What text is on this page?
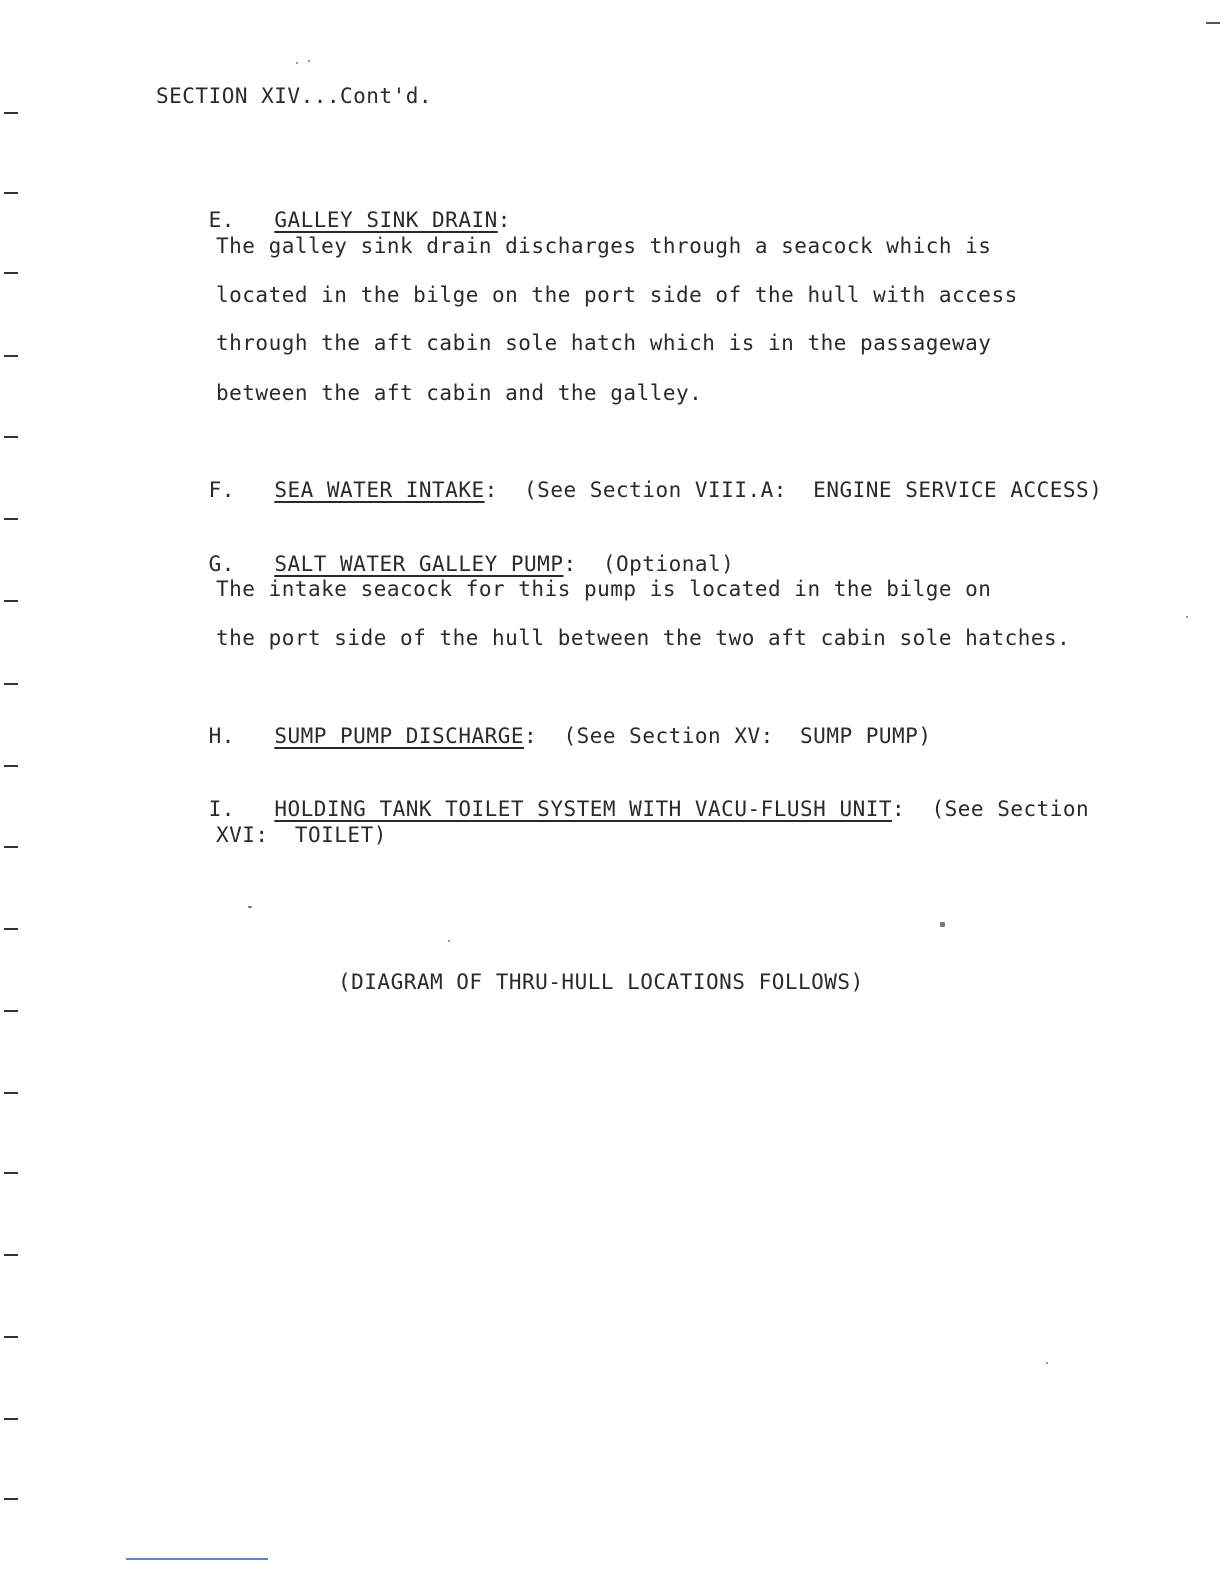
SECTION XIV...Cont'd.

E. GALLEY SINK DRAIN:

The galley sink drain discharges through a seacock which is
located in the bilge on the port side of the hull with access
through the aft cabin sole hatch which is in the passageway
between the aft cabin and the galley.

F. SEA WATER INTAKE:  (See Section VIII.A:  ENGINE SERVICE ACCESS)

G. SALT WATER GALLEY PUMP:  (Optional)

The intake seacock for this pump is located in the bilge on
the port side of the hull between the two aft cabin sole hatches.

H. SUMP PUMP DISCHARGE:  (See Section XV:  SUMP PUMP)

I. HOLDING TANK TOILET SYSTEM WITH VACU-FLUSH UNIT:  (See Section

XVI:  TOILET)
(DIAGRAM OF THRU-HULL LOCATIONS FOLLOWS)
